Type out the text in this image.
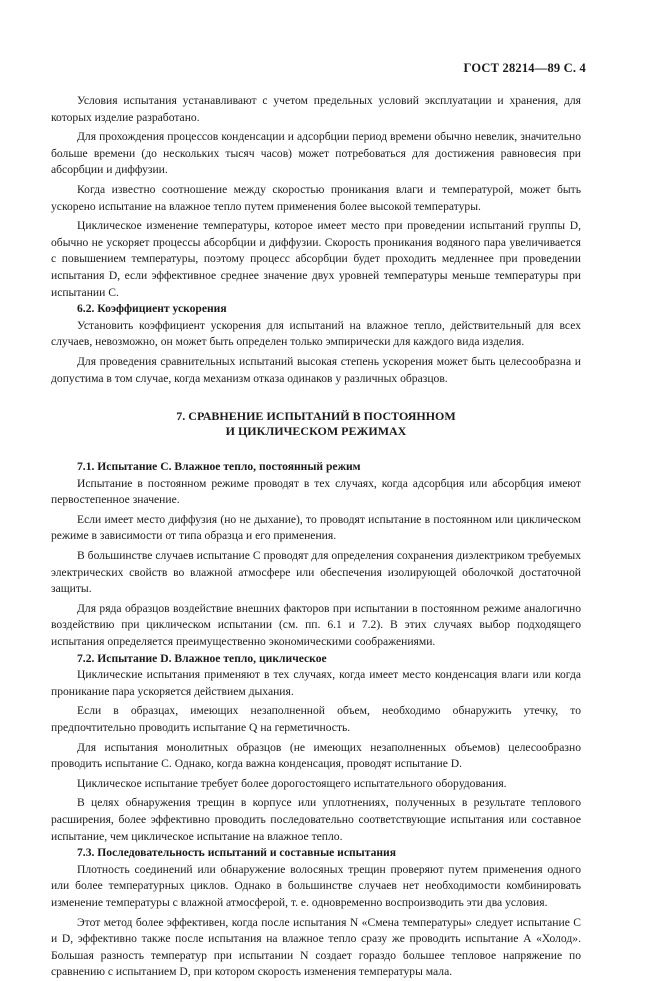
ГОСТ 28214—89 С. 4

Условия испытания устанавливают с учетом предельных условий эксплуатации и хранения, для которых изделие разработано.

Для прохождения процессов конденсации и адсорбции период времени обычно невелик, значительно больше времени (до нескольких тысяч часов) может потребоваться для достижения равновесия при абсорбции и диффузии.

Когда известно соотношение между скоростью проникания влаги и температурой, может быть ускорено испытание на влажное тепло путем применения более высокой температуры.

Циклическое изменение температуры, которое имеет место при проведении испытаний группы D, обычно не ускоряет процессы абсорбции и диффузии. Скорость проникания водяного пара увеличивается с повышением температуры, поэтому процесс абсорбции будет проходить медленнее при проведении испытания D, если эффективное среднее значение двух уровней температуры меньше температуры при испытании С.

6.2. Коэффициент ускорения

Установить коэффициент ускорения для испытаний на влажное тепло, действительный для всех случаев, невозможно, он может быть определен только эмпирически для каждого вида изделия.

Для проведения сравнительных испытаний высокая степень ускорения может быть целесообразна и допустима в том случае, когда механизм отказа одинаков у различных образцов.

7. СРАВНЕНИЕ ИСПЫТАНИЙ В ПОСТОЯННОМ
И ЦИКЛИЧЕСКОМ РЕЖИМАХ

7.1. Испытание С. Влажное тепло, постоянный режим

Испытание в постоянном режиме проводят в тех случаях, когда адсорбция или абсорбция имеют первостепенное значение.

Если имеет место диффузия (но не дыхание), то проводят испытание в постоянном или циклическом режиме в зависимости от типа образца и его применения.

В большинстве случаев испытание С проводят для определения сохранения диэлектриком требуемых электрических свойств во влажной атмосфере или обеспечения изолирующей оболочкой достаточной защиты.

Для ряда образцов воздействие внешних факторов при испытании в постоянном режиме аналогично воздействию при циклическом испытании (см. пп. 6.1 и 7.2). В этих случаях выбор подходящего испытания определяется преимущественно экономическими соображениями.

7.2. Испытание D. Влажное тепло, циклическое

Циклические испытания применяют в тех случаях, когда имеет место конденсация влаги или когда проникание пара ускоряется действием дыхания.

Если в образцах, имеющих незаполненной объем, необходимо обнаружить утечку, то предпочтительно проводить испытание Q на герметичность.

Для испытания монолитных образцов (не имеющих незаполненных объемов) целесообразно проводить испытание С. Однако, когда важна конденсация, проводят испытание D.

Циклическое испытание требует более дорогостоящего испытательного оборудования.

В целях обнаружения трещин в корпусе или уплотнениях, полученных в результате теплового расширения, более эффективно проводить последовательно соответствующие испытания или составное испытание, чем циклическое испытание на влажное тепло.

7.3. Последовательность испытаний и составные испытания

Плотность соединений или обнаружение волосяных трещин проверяют путем применения одного или более температурных циклов. Однако в большинстве случаев нет необходимости комбинировать изменение температуры с влажной атмосферой, т. е. одновременно воспроизводить эти два условия.

Этот метод более эффективен, когда после испытания N «Смена температуры» следует испытание С и D, эффективно также после испытания на влажное тепло сразу же проводить испытание А «Холод». Большая разность температур при испытании N создает гораздо большее тепловое напряжение по сравнению с испытанием D, при котором скорость изменения температуры мала.
